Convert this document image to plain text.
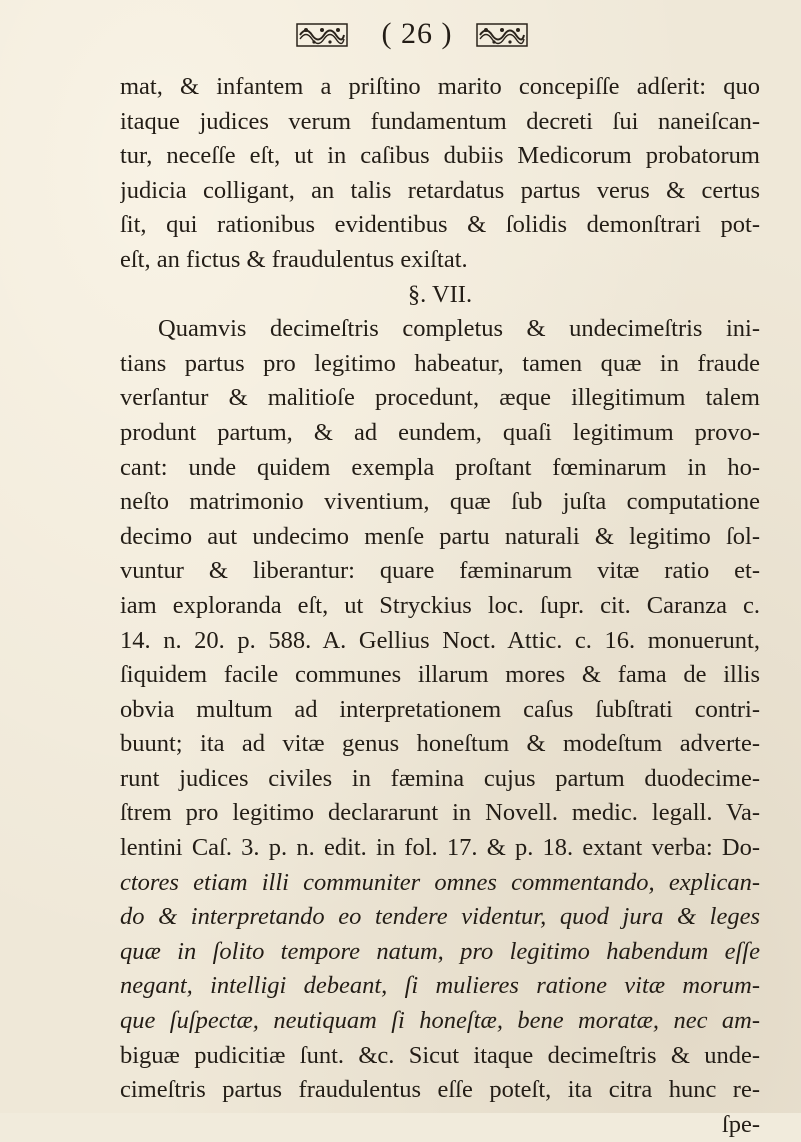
( 26 )
mat, & infantem a priſtino marito concepiſſe adſerit: quo
itaque judices verum fundamentum decreti ſui naneiſcan-
tur, neceſſe eſt, ut in caſibus dubiis Medicorum probatorum
judicia colligant, an talis retardatus partus verus & certus
ſit, qui rationibus evidentibus & ſolidis demonſtrari pot-
eſt, an fictus & fraudulentus exiſtat.
§. VII.
Quamvis decimeſtris completus & undecimeſtris ini-
tians partus pro legitimo habeatur, tamen quæ in fraude
verſantur & malitioſe procedunt, æque illegitimum talem
produnt partum, & ad eundem, quaſi legitimum provo-
cant: unde quidem exempla proſtant fœminarum in ho-
neſto matrimonio viventium, quæ ſub juſta computatione
decimo aut undecimo menſe partu naturali & legitimo ſol-
vuntur & liberantur: quare fæminarum vitæ ratio et-
iam exploranda eſt, ut Stryckius loc. ſupr. cit. Caranza c.
14. n. 20. p. 588. A. Gellius Noct. Attic. c. 16. monuerunt,
ſiquidem facile communes illarum mores & fama de illis
obvia multum ad interpretationem caſus ſubſtrati contri-
buunt; ita ad vitæ genus honeſtum & modeſtum adverte-
runt judices civiles in fæmina cujus partum duodecime-
ſtrem pro legitimo declararunt in Novell. medic. legall. Va-
lentini Caſ. 3. p. n. edit. in fol. 17. & p. 18. extant verba: Do-
ctores etiam illi communiter omnes commentando, explican-
do & interpretando eo tendere videntur, quod jura & leges
quæ in ſolito tempore natum, pro legitimo habendum eſſe
negant, intelligi debeant, ſi mulieres ratione vitæ morum-
que ſuſpectæ, neutiquam ſi honeſtæ, bene moratæ, nec am-
biguæ pudicitiæ ſunt. &c. Sicut itaque decimeſtris & unde-
cimeſtris partus fraudulentus eſſe poteſt, ita citra hunc re-
ſpe-
